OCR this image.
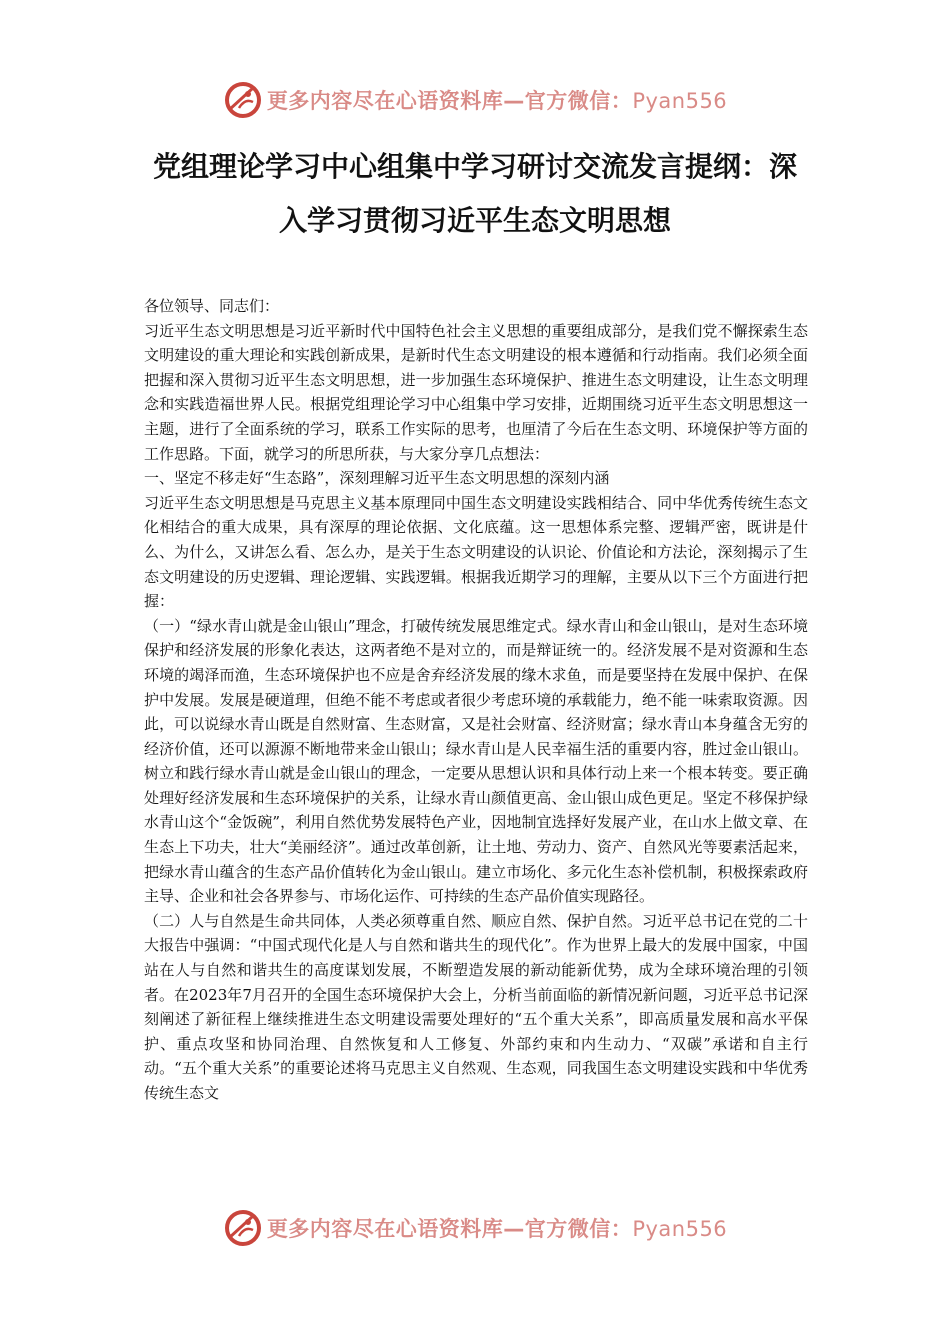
更多内容尽在心语资料库—官方微信：Pyan556
党组理论学习中心组集中学习研讨交流发言提纲：深入学习贯彻习近平生态文明思想

各位领导、同志们：

习近平生态文明思想是习近平新时代中国特色社会主义思想的重要组成部分，是我们党不懈探索生态文明建设的重大理论和实践创新成果，是新时代生态文明建设的根本遵循和行动指南。我们必须全面把握和深入贯彻习近平生态文明思想，进一步加强生态环境保护、推进生态文明建设，让生态文明理念和实践造福世界人民。根据党组理论学习中心组集中学习安排，近期围绕习近平生态文明思想这一主题，进行了全面系统的学习，联系工作实际的思考，也厘清了今后在生态文明、环境保护等方面的工作思路。下面，就学习的所思所获，与大家分享几点想法：

一、坚定不移走好“生态路”，深刻理解习近平生态文明思想的深刻内涵

习近平生态文明思想是马克思主义基本原理同中国生态文明建设实践相结合、同中华优秀传统生态文化相结合的重大成果，具有深厚的理论依据、文化底蕴。这一思想体系完整、逻辑严密，既讲是什么、为什么，又讲怎么看、怎么办，是关于生态文明建设的认识论、价值论和方法论，深刻揭示了生态文明建设的历史逻辑、理论逻辑、实践逻辑。根据我近期学习的理解，主要从以下三个方面进行把握：

（一）“绿水青山就是金山银山”理念，打破传统发展思维定式。绿水青山和金山银山，是对生态环境保护和经济发展的形象化表达，这两者绝不是对立的，而是辩证统一的。经济发展不是对资源和生态环境的竭泽而渔，生态环境保护也不应是舍弃经济发展的缘木求鱼，而是要坚持在发展中保护、在保护中发展。发展是硬道理，但绝不能不考虑或者很少考虑环境的承载能力，绝不能一味索取资源。因此，可以说绿水青山既是自然财富、生态财富，又是社会财富、经济财富；绿水青山本身蕴含无穷的经济价值，还可以源源不断地带来金山银山；绿水青山是人民幸福生活的重要内容，胜过金山银山。树立和践行绿水青山就是金山银山的理念，一定要从思想认识和具体行动上来一个根本转变。要正确处理好经济发展和生态环境保护的关系，让绿水青山颜值更高、金山银山成色更足。坚定不移保护绿水青山这个“金饭碗”，利用自然优势发展特色产业，因地制宜选择好发展产业，在山水上做文章、在生态上下功夫，壮大“美丽经济”。通过改革创新，让土地、劳动力、资产、自然风光等要素活起来，把绿水青山蕴含的生态产品价值转化为金山银山。建立市场化、多元化生态补偿机制，积极探索政府主导、企业和社会各界参与、市场化运作、可持续的生态产品价值实现路径。

（二）人与自然是生命共同体，人类必须尊重自然、顺应自然、保护自然。习近平总书记在党的二十大报告中强调：“中国式现代化是人与自然和谐共生的现代化”。作为世界上最大的发展中国家，中国站在人与自然和谐共生的高度谋划发展，不断塑造发展的新动能新优势，成为全球环境治理的引领者。在2023年7月召开的全国生态环境保护大会上，分析当前面临的新情况新问题，习近平总书记深刻阐述了新征程上继续推进生态文明建设需要处理好的“五个重大关系”，即高质量发展和高水平保护、重点攻坚和协同治理、自然恢复和人工修复、外部约束和内生动力、“双碳”承诺和自主行动。“五个重大关系”的重要论述将马克思主义自然观、生态观，同我国生态文明建设实践和中华优秀传统生态文

更多内容尽在心语资料库—官方微信：Pyan556
